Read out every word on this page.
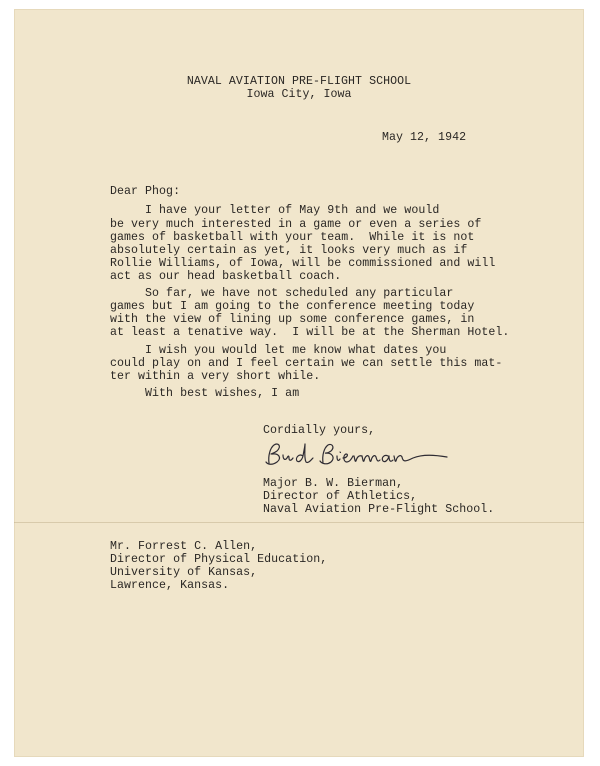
NAVAL AVIATION PRE-FLIGHT SCHOOL
Iowa City, Iowa
May 12, 1942
Dear Phog:
I have your letter of May 9th and we would
be very much interested in a game or even a series of
games of basketball with your team.  While it is not
absolutely certain as yet, it looks very much as if
Rollie Williams, of Iowa, will be commissioned and will
act as our head basketball coach.
So far, we have not scheduled any particular
games but I am going to the conference meeting today
with the view of lining up some conference games, in
at least a tenative way.  I will be at the Sherman Hotel.
I wish you would let me know what dates you
could play on and I feel certain we can settle this mat-
ter within a very short while.
With best wishes, I am
Cordially yours,
Major B. W. Bierman,
Director of Athletics,
Naval Aviation Pre-Flight School.
Mr. Forrest C. Allen,
Director of Physical Education,
University of Kansas,
Lawrence, Kansas.
